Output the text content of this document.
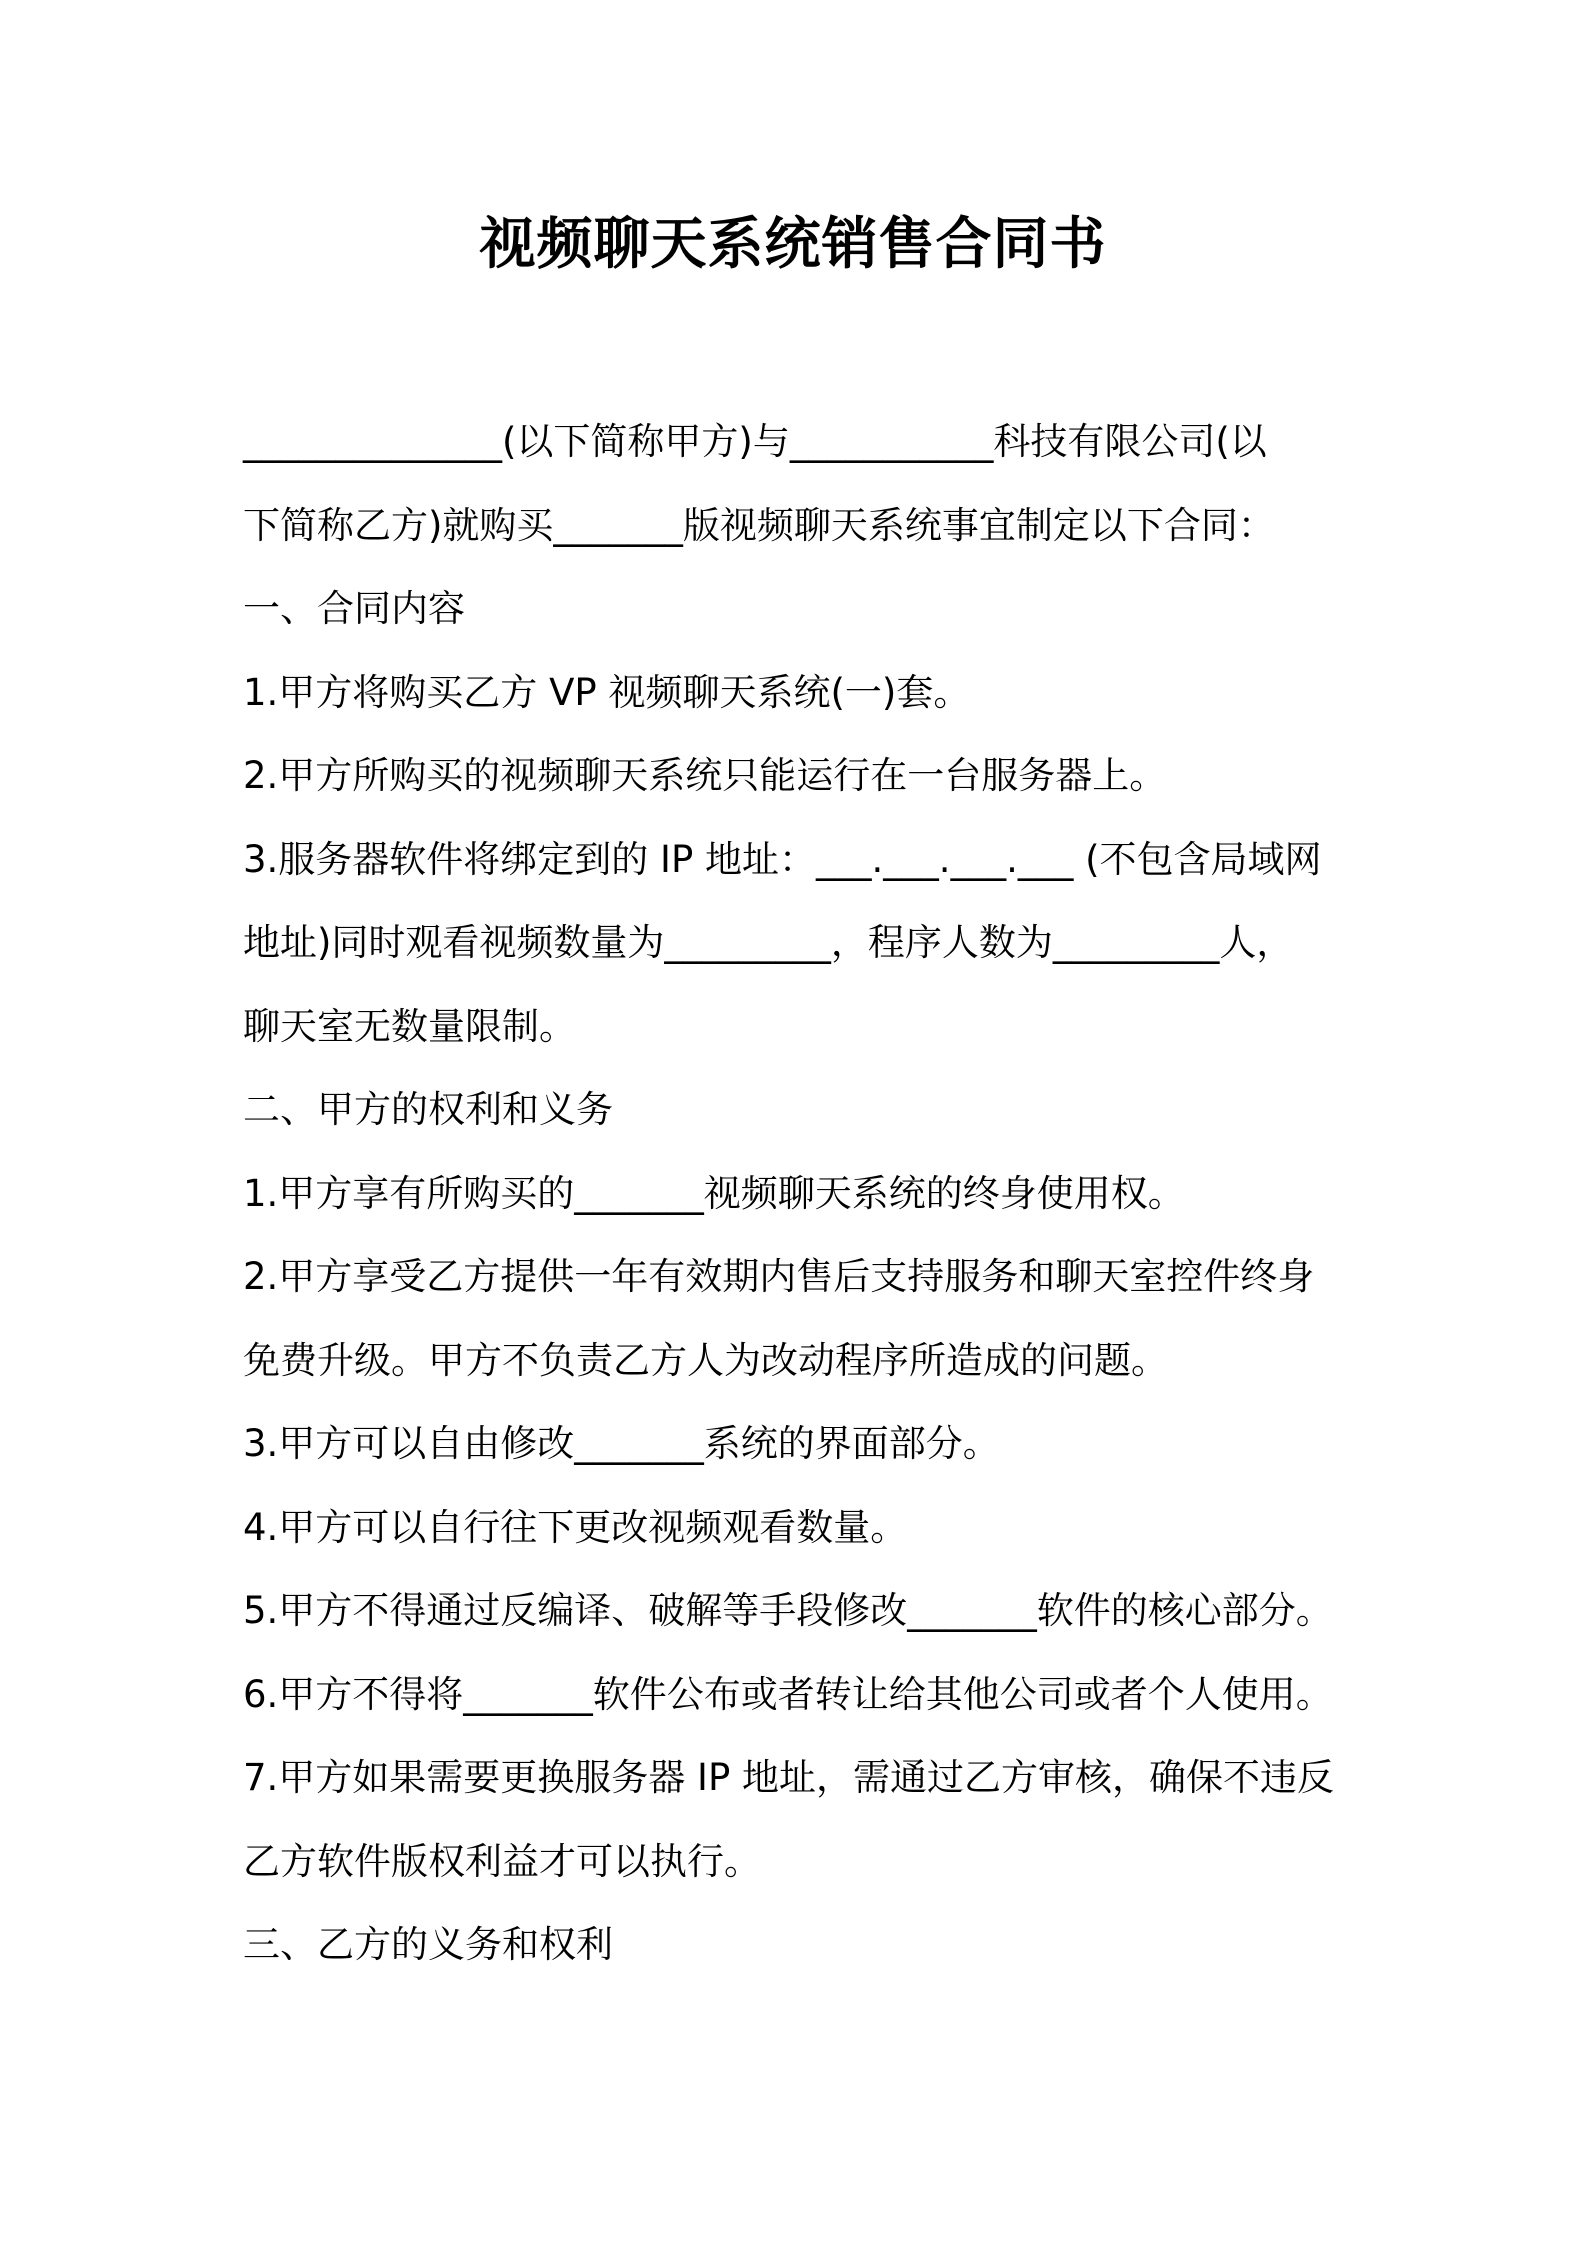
视频聊天系统销售合同书

______________(以下简称甲方)与___________科技有限公司(以

下简称乙方)就购买_______版视频聊天系统事宜制定以下合同：

一、合同内容

1.甲方将购买乙方 VP 视频聊天系统(一)套。

2.甲方所购买的视频聊天系统只能运行在一台服务器上。

3.服务器软件将绑定到的 IP 地址：___.___.___.___ (不包含局域网

地址)同时观看视频数量为_________，程序人数为_________人，

聊天室无数量限制。

二、甲方的权利和义务

1.甲方享有所购买的_______视频聊天系统的终身使用权。

2.甲方享受乙方提供一年有效期内售后支持服务和聊天室控件终身

免费升级。甲方不负责乙方人为改动程序所造成的问题。

3.甲方可以自由修改_______系统的界面部分。

4.甲方可以自行往下更改视频观看数量。

5.甲方不得通过反编译、破解等手段修改_______软件的核心部分。

6.甲方不得将_______软件公布或者转让给其他公司或者个人使用。

7.甲方如果需要更换服务器 IP 地址，需通过乙方审核，确保不违反

乙方软件版权利益才可以执行。

三、乙方的义务和权利
